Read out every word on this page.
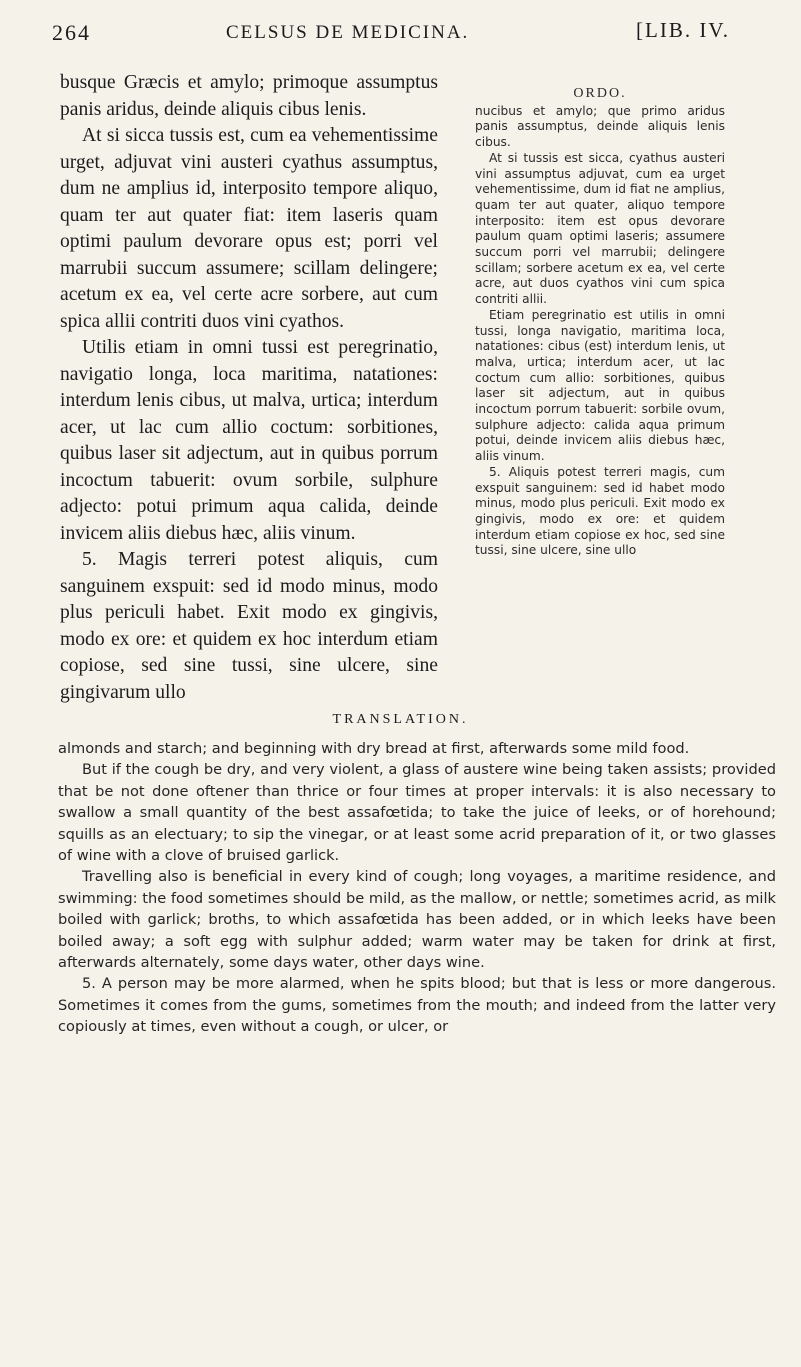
264	CELSUS DE MEDICINA.	[LIB. IV.

busque Græcis et amylo; primoque assumptus panis aridus, deinde aliquis cibus lenis.

At si sicca tussis est, cum ea vehementissime urget, adjuvat vini austeri cyathus assumptus, dum ne amplius id, interposito tempore aliquo, quam ter aut quater fiat: item laseris quam optimi paulum devorare opus est; porri vel marrubii succum assumere; scillam delingere; acetum ex ea, vel certe acre sorbere, aut cum spica allii contriti duos vini cyathos.

Utilis etiam in omni tussi est peregrinatio, navigatio longa, loca maritima, natationes: interdum lenis cibus, ut malva, urtica; interdum acer, ut lac cum allio coctum: sorbitiones, quibus laser sit adjectum, aut in quibus porrum incoctum tabuerit: ovum sorbile, sulphure adjecto: potui primum aqua calida, deinde invicem aliis diebus hæc, aliis vinum.

5. Magis terreri potest aliquis, cum sanguinem exspuit: sed id modo minus, modo plus periculi habet. Exit modo ex gingivis, modo ex ore: et quidem ex hoc interdum etiam copiose, sed sine tussi, sine ulcere, sine gingivarum ullo

ORDO.

nucibus et amylo; que primo aridus panis assumptus, deinde aliquis lenis cibus.

At si tussis est sicca, cyathus austeri vini assumptus adjuvat, cum ea urget vehementissime, dum id fiat ne amplius, quam ter aut quater, aliquo tempore interposito: item est opus devorare paulum quam optimi laseris; assumere succum porri vel marrubii; delingere scillam; sorbere acetum ex ea, vel certe acre, aut duos cyathos vini cum spica contriti allii.

Etiam peregrinatio est utilis in omni tussi, longa navigatio, maritima loca, natationes: cibus (est) interdum lenis, ut malva, urtica; interdum acer, ut lac coctum cum allio: sorbitiones, quibus laser sit adjectum, aut in quibus incoctum porrum tabuerit: sorbile ovum, sulphure adjecto: calida aqua primum potui, deinde invicem aliis diebus hæc, aliis vinum.

5. Aliquis potest terreri magis, cum exspuit sanguinem: sed id habet modo minus, modo plus periculi. Exit modo ex gingivis, modo ex ore: et quidem interdum etiam copiose ex hoc, sed sine tussi, sine ulcere, sine ullo

TRANSLATION.

almonds and starch; and beginning with dry bread at first, afterwards some mild food.

But if the cough be dry, and very violent, a glass of austere wine being taken assists; provided that be not done oftener than thrice or four times at proper intervals: it is also necessary to swallow a small quantity of the best assafœtida; to take the juice of leeks, or of horehound; squills as an electuary; to sip the vinegar, or at least some acrid preparation of it, or two glasses of wine with a clove of bruised garlick.

Travelling also is beneficial in every kind of cough; long voyages, a maritime residence, and swimming: the food sometimes should be mild, as the mallow, or nettle; sometimes acrid, as milk boiled with garlick; broths, to which assafœtida has been added, or in which leeks have been boiled away; a soft egg with sulphur added; warm water may be taken for drink at first, afterwards alternately, some days water, other days wine.

5. A person may be more alarmed, when he spits blood; but that is less or more dangerous. Sometimes it comes from the gums, sometimes from the mouth; and indeed from the latter very copiously at times, even without a cough, or ulcer, or
